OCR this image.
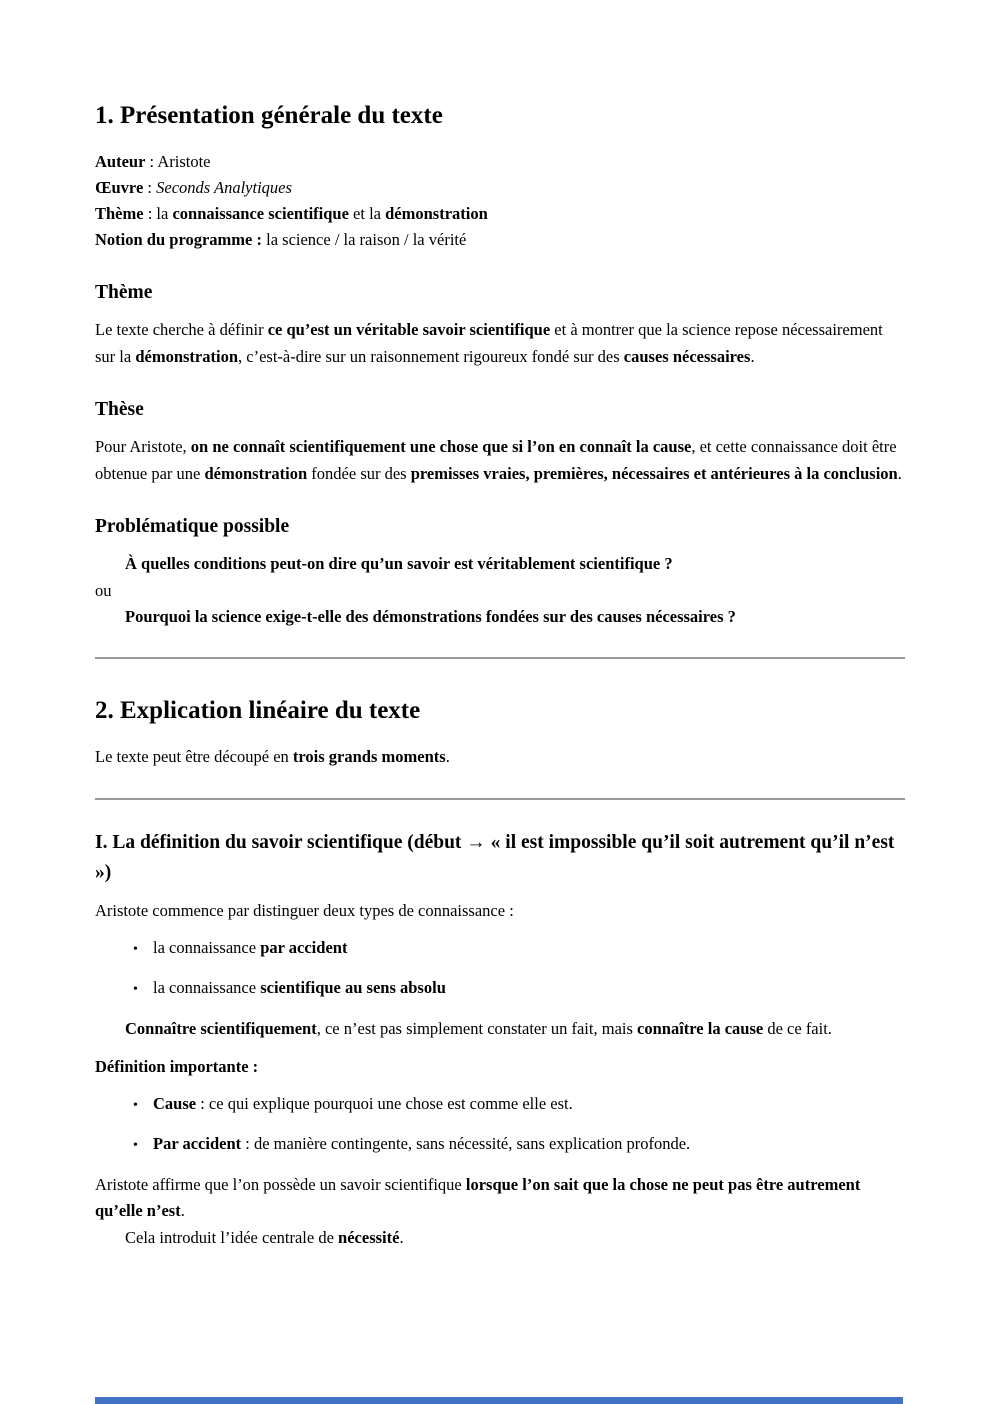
1. Présentation générale du texte

Auteur : Aristote

Œuvre : Seconds Analytiques

Thème : la connaissance scientifique et la démonstration

Notion du programme : la science / la raison / la vérité

Thème

Le texte cherche à définir ce qu’est un véritable savoir scientifique et à montrer que la science repose nécessairement sur la démonstration, c’est-à-dire sur un raisonnement rigoureux fondé sur des causes nécessaires.

Thèse

Pour Aristote, on ne connaît scientifiquement une chose que si l’on en connaît la cause, et cette connaissance doit être obtenue par une démonstration fondée sur des premisses vraies, premières, nécessaires et antérieures à la conclusion.

Problématique possible

À quelles conditions peut-on dire qu’un savoir est véritablement scientifique ?

ou

Pourquoi la science exige-t-elle des démonstrations fondées sur des causes nécessaires ?

2. Explication linéaire du texte

Le texte peut être découpé en trois grands moments.

I. La définition du savoir scientifique (début → « il est impossible qu’il soit autrement qu’il n’est »)

Aristote commence par distinguer deux types de connaissance :

• la connaissance par accident
• la connaissance scientifique au sens absolu

Connaître scientifiquement, ce n’est pas simplement constater un fait, mais connaître la cause de ce fait.

Définition importante :

• Cause : ce qui explique pourquoi une chose est comme elle est.
• Par accident : de manière contingente, sans nécessité, sans explication profonde.

Aristote affirme que l’on possède un savoir scientifique lorsque l’on sait que la chose ne peut pas être autrement qu’elle n’est.

Cela introduit l’idée centrale de nécessité.
